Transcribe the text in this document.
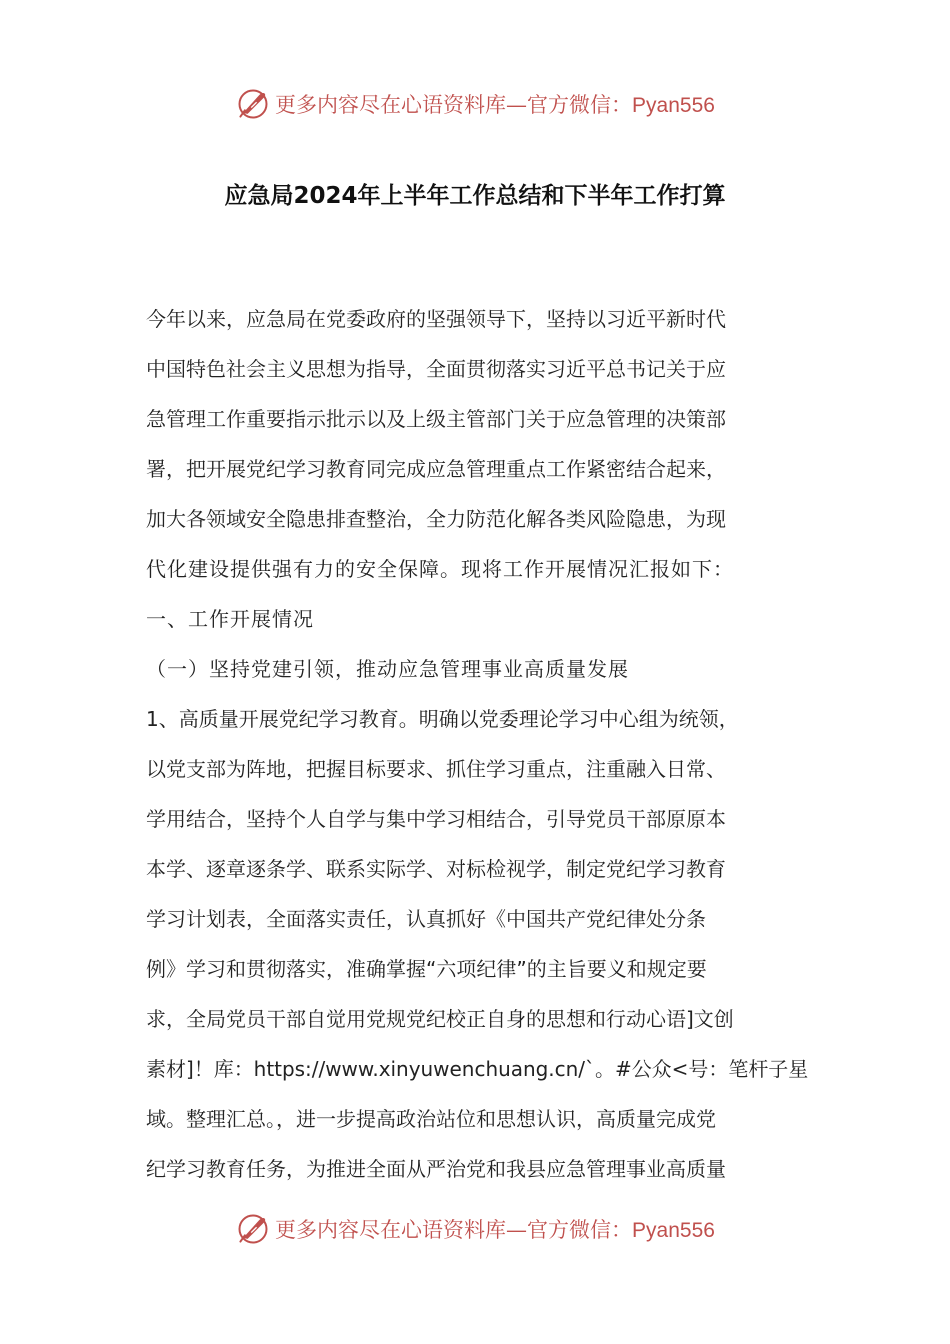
更多内容尽在心语资料库—官方微信：Pyan556
应急局2024年上半年工作总结和下半年工作打算
今年以来，应急局在党委政府的坚强领导下，坚持以习近平新时代
中国特色社会主义思想为指导，全面贯彻落实习近平总书记关于应
急管理工作重要指示批示以及上级主管部门关于应急管理的决策部
署，把开展党纪学习教育同完成应急管理重点工作紧密结合起来，
加大各领域安全隐患排查整治，全力防范化解各类风险隐患，为现
代化建设提供强有力的安全保障。现将工作开展情况汇报如下：
一、工作开展情况
（一）坚持党建引领，推动应急管理事业高质量发展
1、高质量开展党纪学习教育。明确以党委理论学习中心组为统领，
以党支部为阵地，把握目标要求、抓住学习重点，注重融入日常、
学用结合，坚持个人自学与集中学习相结合，引导党员干部原原本
本学、逐章逐条学、联系实际学、对标检视学，制定党纪学习教育
学习计划表，全面落实责任，认真抓好《中国共产党纪律处分条
例》学习和贯彻落实，准确掌握“六项纪律”的主旨要义和规定要
求，全局党员干部自觉用党规党纪校正自身的思想和行动心语]文创
素材]！库：https://www.xinyuwenchuang.cn/`。#公众<号：笔杆子星
域。整理汇总。，进一步提高政治站位和思想认识，高质量完成党
纪学习教育任务，为推进全面从严治党和我县应急管理事业高质量
更多内容尽在心语资料库—官方微信：Pyan556
